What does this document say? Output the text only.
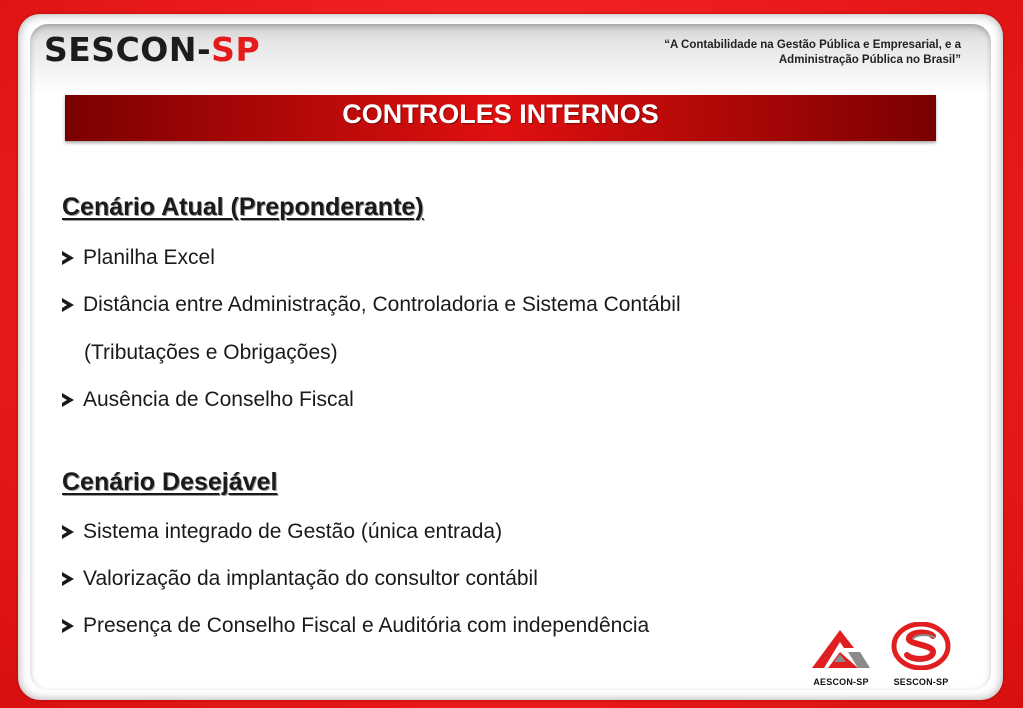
SESCON-SP	“A Contabilidade na Gestão Pública e Empresarial, e a
Administração Pública no Brasil”
CONTROLES INTERNOS
Cenário Atual (Preponderante)
Planilha Excel
Distância entre Administração, Controladoria e Sistema Contábil
(Tributações e Obrigações)
Ausência de Conselho Fiscal
Cenário Desejável
Sistema integrado de Gestão (única entrada)
Valorização da implantação do consultor contábil
Presença de Conselho Fiscal e Auditória com independência
AESCON-SP	SESCON-SP
